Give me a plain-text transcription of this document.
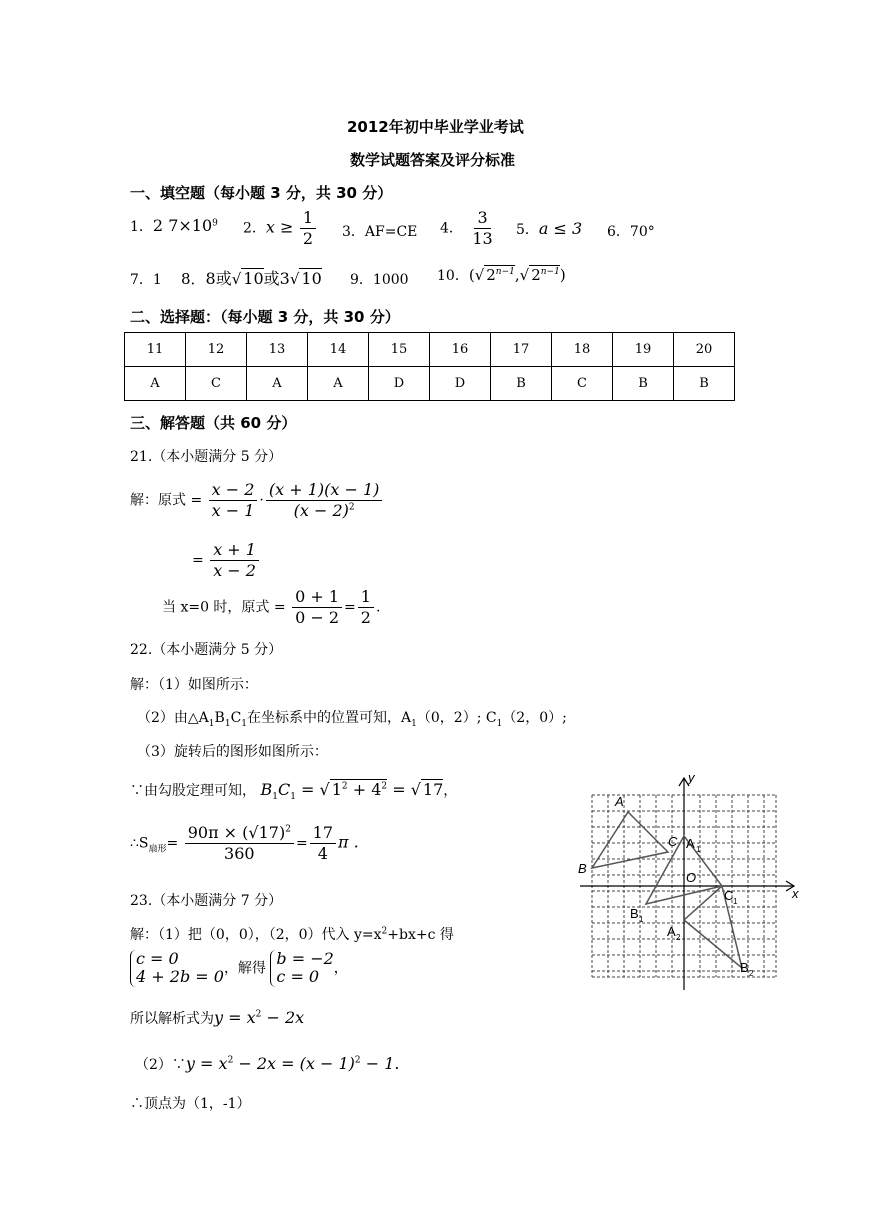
2012年初中毕业学业考试
数学试题答案及评分标准
一、填空题（每小题 3 分，共 30 分）
1．2 $7\times 10^9$ 2．$x \ge \frac{1}{2} 3$．AF=CE 4． $\frac{3}{13} 5$．a ≤ 3 6．70°
7．1 8．8或√ 10或3√ 10 9．1000 10．(√ $2^{n-1},√$ $2^{n-1}$)
二、选择题：（每小题 3 分，共 30 分）
11	12	13	14	15	16	17	18	19	20
A	C	A	A	D	D	B	C	B	B
三、解答题（共 60 分）
21.（本小题满分 5 分）
解：原式 = $\frac{x - 2}{x - 1} \cdot \frac{(x + 1)(x - 1)}{(x - 2)^2}$
= $\frac{x + 1}{x - 2}$
当 x=0 时，原式 = $\frac{0 + 1}{0 - 2} = \frac{1}{2}$ .
22.（本小题满分 5 分）
解：（1）如图所示：
（2）由$\triangle A_1B_1C_1$在坐标系中的位置可知，$A_1(0$，2）; $C_1(2$，0）;
（3）旋转后的图形如图所示：
∵由勾股定理可知， $B_1C_1$ = √ $1^2 + 4^2$ = √ 17，
$\therefore S_{扇形}= \frac{90\pi \times (√17)^2}{360} = \frac{17}{4}$ π .
23.（本小题满分 7 分）
解：（1）把（0，0），（2，0）代入 $y=x^2+bx+c$ 得
c = 0
4 + 2b = 0 ，解得
b = −2
c = 0	，
所以解析式为$y = x^2 - 2x$
（2）∵y = $x^2 - 2x = (x - 1)^2 - 1$.
∴顶点为（1，-1）
A
B
C A 1
B 1
C 1
A 2
B 2
O
y
x
